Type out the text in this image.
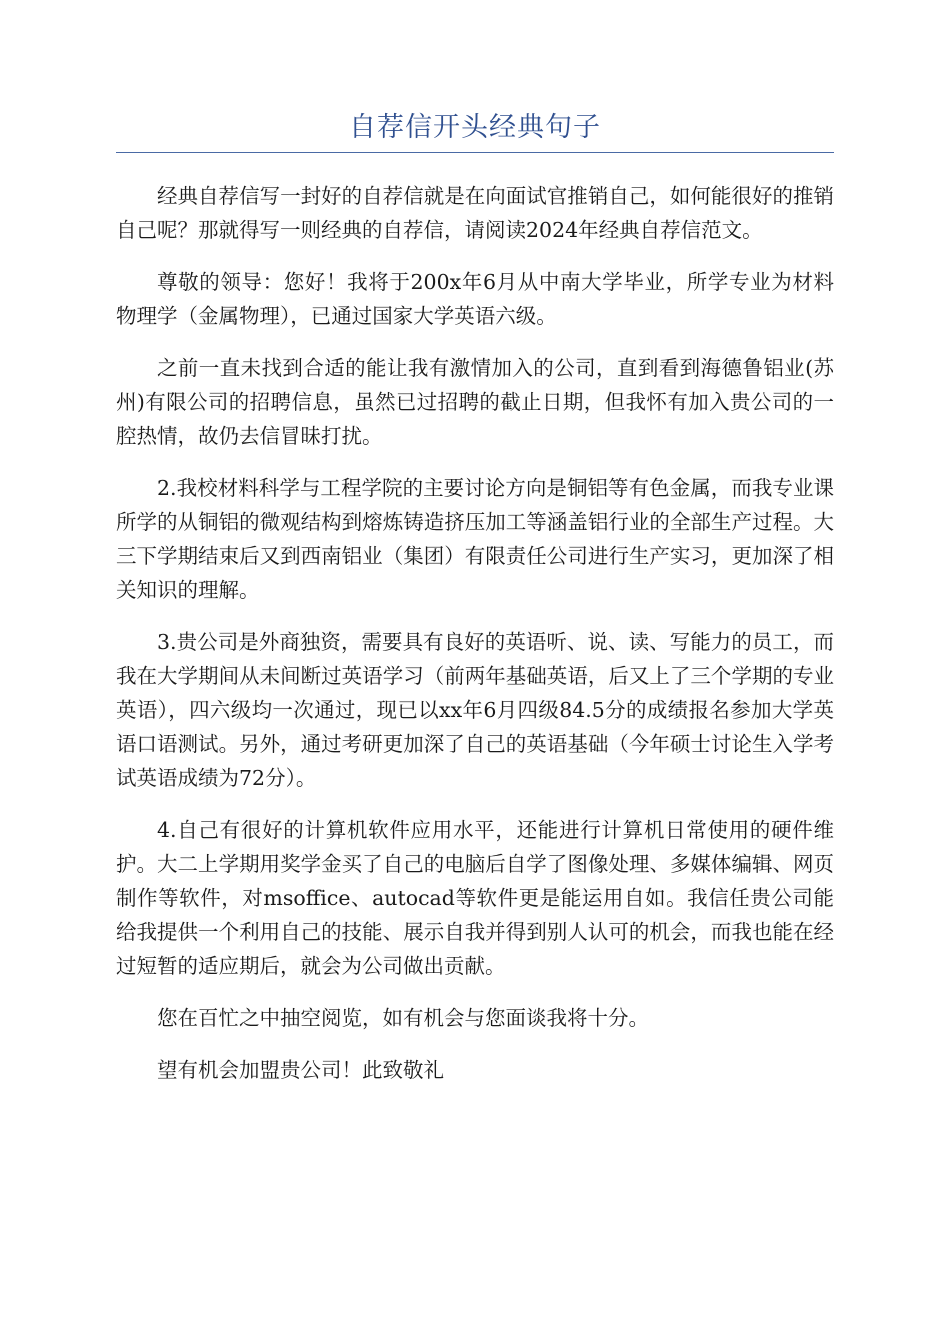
自荐信开头经典句子

经典自荐信写一封好的自荐信就是在向面试官推销自己，如何能很好的推销自己呢？那就得写一则经典的自荐信，请阅读2024年经典自荐信范文。

尊敬的领导：您好！我将于200x年6月从中南大学毕业，所学专业为材料物理学（金属物理），已通过国家大学英语六级。

之前一直未找到合适的能让我有激情加入的公司，直到看到海德鲁铝业(苏州)有限公司的招聘信息，虽然已过招聘的截止日期，但我怀有加入贵公司的一腔热情，故仍去信冒昧打扰。

2.我校材料科学与工程学院的主要讨论方向是铜铝等有色金属，而我专业课所学的从铜铝的微观结构到熔炼铸造挤压加工等涵盖铝行业的全部生产过程。大三下学期结束后又到西南铝业（集团）有限责任公司进行生产实习，更加深了相关知识的理解。

3.贵公司是外商独资，需要具有良好的英语听、说、读、写能力的员工，而我在大学期间从未间断过英语学习（前两年基础英语，后又上了三个学期的专业英语），四六级均一次通过，现已以xx年6月四级84.5分的成绩报名参加大学英语口语测试。另外，通过考研更加深了自己的英语基础（今年硕士讨论生入学考试英语成绩为72分）。

4.自己有很好的计算机软件应用水平，还能进行计算机日常使用的硬件维护。大二上学期用奖学金买了自己的电脑后自学了图像处理、多媒体编辑、网页制作等软件，对msoffice、autocad等软件更是能运用自如。我信任贵公司能给我提供一个利用自己的技能、展示自我并得到别人认可的机会，而我也能在经过短暂的适应期后，就会为公司做出贡献。

您在百忙之中抽空阅览，如有机会与您面谈我将十分。

望有机会加盟贵公司！此致敬礼
